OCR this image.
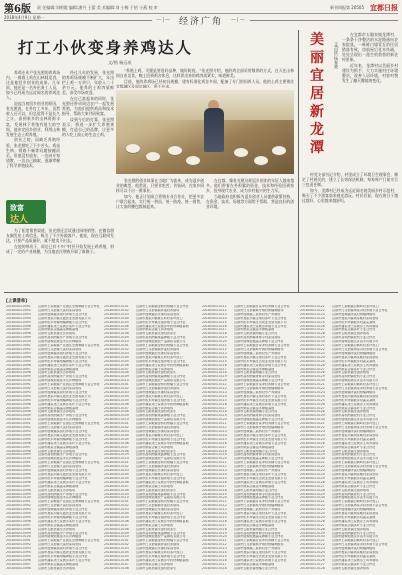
第6版 责 任编辑:刘明霞 编辑:潘丹 王蕾 美 术编辑:刘 小梅 于怡 小燕 校 审	新刊周报第 20505 宜都日报
2018年4月9日 星期一	—|— 经济广角	—|—
打工小伙变身养鸡达人
文/图 杨远泉

养鸡专业户张光照的养鸡场内，一群群土鸡在山林间觅食，这是他回乡创业的成果。几年前，他还是一名外出务工人员，如今已经成为远近闻名的养鸡达人。

说起当初回乡创业的原因，张光照说，在外打工多年，虽然收入还可以，但总觉得不是长久之计。看到家乡的山林资源丰富，发展林下养殖有很大的空间，他决定回乡创业，利用山林发展生态土鸡养殖。

创业之初，因缺乏养殖经验，张光照吃了不少苦头。鸡苗生病、销路不畅等问题接踵而至。但他没有放弃，一边向专家请教，一边自己摸索，逐渐掌握了科学养殖技术。

经过几年的发展，张光照的养鸡场规模不断扩大，年出栏土鸡一万余只，年收入二十余万元。他养的土鸡肉质鲜美，深受市场欢迎。

在自己富起来的同时，张光照还带动周边农户一起发展养殖，为他们提供鸡苗和技术指导，帮助大家共同致富。

谈到今后的打算，张光照表示，将进一步扩大养殖规模，打造自己的品牌，让更多的人吃上放心的生态土鸡。

“养殖土鸡，关键是要选好品种，做好防疫。”张光照介绍，他的鸡全部采用散养的方式，白天在山林间自由觅食，晚上回到鸡舍休息，这样养出来的鸡肉质紧实，味道鲜美。

目前，他的养鸡场已经初具规模，建有标准化鸡舍多间，配备了专门的饲养人员。他的土鸡主要销往宜都城区及周边地区，供不应求。

致富
达人

为了拓宽销售渠道，张光照还尝试通过网络销售，在微信朋友圈发布土鸡信息，吸引了不少外地客户。他说，现在互联网发达，只要产品质量好，就不愁卖不出去。

在他的带动下，周边已有十多户村民开始发展土鸡养殖，形成了一定的产业规模，为当地农民增收开辟了新路子。

张光照的创业故事在当地广为流传，成为返乡创业的典型。他常说，只要肯吃苦，肯钻研，在家乡同样可以干出一番事业。

如今，他正计划成立养殖专业合作社，把更多农户联合起来，实行统一供苗、统一防疫、统一销售，让大家的腰包都鼓起来。

在宜都，像张光照这样返乡创业的年轻人越来越多。他们带着在外积累的资金、技术和经验回到家乡，投身现代农业，成为乡村振兴的生力军。

当地政府也积极为返乡创业人员提供政策扶持，在资金、技术、场地等方面给予帮助，营造良好的创业环境。

美
丽
宜
居
新
龙
潭
文/田恬 杨春晓

在宜都市五眼泉镇龙潭村，一条条干净整洁的水泥路通向农家院落，一栋栋白墙青瓦的民居错落有致，房前屋后花木扶疏，处处呈现出一派生机勃勃的新农村景象。

近年来，龙潭村以美丽乡村建设为抓手，大力实施村庄环境整治，改善人居环境，村容村貌发生了翻天覆地的变化。

村党支部书记介绍，村里成立了环境卫生理事会，制定了村规民约，建立了长效保洁机制，每家每户门前实行三包责任制。

如今，龙潭村已经成为远近闻名的美丽乡村示范村，吸引了不少游客前来观光游玩。村民们说，现在的日子越过越好，心里越来越舒坦。

[上课清单]
20180403-0091 宜都市王家畈镇产业园区宏源种植专业合作社
20180403-0092 宜都市红花套镇大溪村家庭农场
20180403-0093 宜都市枝城镇茶园村养殖专业合作社
20180403-0094 宜都市聂家河镇花鼓农业发展有限公司
20180403-0095 宜都市松木坪镇柑橘种植专业合作社
20180403-0096 宜都市潘家湾土家族乡茶叶专业合作社
20180403-0097 宜都市姚家店镇蔬菜种植基地
20180403-0098 宜都市五眼泉镇生态养殖场
20180403-0099 宜都市高坝洲镇水产养殖专业合作社
20180403-0100 宜都市陆城街道苗木花卉种植场
20180403-0091 宜都市王家畈镇产业园区宏源种植专业合作社
20180403-0092 宜都市红花套镇大溪村家庭农场
20180403-0093 宜都市枝城镇茶园村养殖专业合作社
20180403-0094 宜都市聂家河镇花鼓农业发展有限公司
20180403-0095 宜都市松木坪镇柑橘种植专业合作社
20180403-0096 宜都市潘家湾土家族乡茶叶专业合作社
20180403-0097 宜都市姚家店镇蔬菜种植基地
20180403-0098 宜都市五眼泉镇生态养殖场
20180403-0099 宜都市高坝洲镇水产养殖专业合作社
20180403-0100 宜都市陆城街道苗木花卉种植场
20180403-0091 宜都市王家畈镇产业园区宏源种植专业合作社
20180403-0092 宜都市红花套镇大溪村家庭农场
20180403-0093 宜都市枝城镇茶园村养殖专业合作社
20180403-0094 宜都市聂家河镇花鼓农业发展有限公司
20180403-0095 宜都市松木坪镇柑橘种植专业合作社
20180403-0096 宜都市潘家湾土家族乡茶叶专业合作社
20180403-0097 宜都市姚家店镇蔬菜种植基地
20180403-0098 宜都市五眼泉镇生态养殖场
20180403-0099 宜都市高坝洲镇水产养殖专业合作社
20180403-0100 宜都市陆城街道苗木花卉种植场
20180403-0091 宜都市王家畈镇产业园区宏源种植专业合作社
20180403-0092 宜都市红花套镇大溪村家庭农场
20180403-0093 宜都市枝城镇茶园村养殖专业合作社
20180403-0094 宜都市聂家河镇花鼓农业发展有限公司
20180403-0095 宜都市松木坪镇柑橘种植专业合作社
20180403-0096 宜都市潘家湾土家族乡茶叶专业合作社
20180403-0097 宜都市姚家店镇蔬菜种植基地
20180403-0098 宜都市五眼泉镇生态养殖场
20180403-0099 宜都市高坝洲镇水产养殖专业合作社
20180403-0100 宜都市陆城街道苗木花卉种植场
20180403-0091 宜都市王家畈镇产业园区宏源种植专业合作社
20180403-0092 宜都市红花套镇大溪村家庭农场
20180403-0093 宜都市枝城镇茶园村养殖专业合作社
20180403-0094 宜都市聂家河镇花鼓农业发展有限公司
20180403-0095 宜都市松木坪镇柑橘种植专业合作社
20180403-0096 宜都市潘家湾土家族乡茶叶专业合作社
20180403-0097 宜都市姚家店镇蔬菜种植基地
20180403-0098 宜都市五眼泉镇生态养殖场
20180403-0099 宜都市高坝洲镇水产养殖专业合作社
20180403-0100 宜都市陆城街道苗木花卉种植场
20180403-0091 宜都市王家畈镇产业园区宏源种植专业合作社
20180403-0092 宜都市红花套镇大溪村家庭农场
20180403-0093 宜都市枝城镇茶园村养殖专业合作社
20180403-0094 宜都市聂家河镇花鼓农业发展有限公司
20180403-0095 宜都市松木坪镇柑橘种植专业合作社
20180403-0096 宜都市潘家湾土家族乡茶叶专业合作社
20180403-0097 宜都市姚家店镇蔬菜种植基地
20180403-0098 宜都市五眼泉镇生态养殖场
20180403-0099 宜都市高坝洲镇水产养殖专业合作社
20180403-0100 宜都市陆城街道苗木花卉种植场
20180403-0091 宜都市王家畈镇产业园区宏源种植专业合作社
20180403-0092 宜都市红花套镇大溪村家庭农场
20180403-0093 宜都市枝城镇茶园村养殖专业合作社
20180403-0094 宜都市聂家河镇花鼓农业发展有限公司
20180403-0095 宜都市松木坪镇柑橘种植专业合作社
20180403-0096 宜都市潘家湾土家族乡茶叶专业合作社
20180403-0097 宜都市姚家店镇蔬菜种植基地
20180403-0098 宜都市五眼泉镇生态养殖场
20180403-0101 宜都市王家畈镇金桥村柑橘专业合作社
20180403-0102 宜都市红花套镇渔洋溪村养猪场
20180403-0103 宜都市枝城镇白水港村家庭农场
20180403-0104 宜都市聂家河镇桃花岭村茶叶加工厂
20180403-0105 宜都市松木坪镇生猪养殖专业合作社
20180403-0106 宜都市潘家湾土家族乡中药材种植基地
20180403-0107 宜都市姚家店镇土鸡养殖场
20180403-0108 宜都市五眼泉镇龙潭村农家乐
20180403-0109 宜都市高坝洲镇果蔬种植专业合作社
20180403-0110 宜都市陆城街道农产品销售有限公司
20180403-0101 宜都市王家畈镇金桥村柑橘专业合作社
20180403-0102 宜都市红花套镇渔洋溪村养猪场
20180403-0103 宜都市枝城镇白水港村家庭农场
20180403-0104 宜都市聂家河镇桃花岭村茶叶加工厂
20180403-0105 宜都市松木坪镇生猪养殖专业合作社
20180403-0106 宜都市潘家湾土家族乡中药材种植基地
20180403-0107 宜都市姚家店镇土鸡养殖场
20180403-0108 宜都市五眼泉镇龙潭村农家乐
20180403-0109 宜都市高坝洲镇果蔬种植专业合作社
20180403-0110 宜都市陆城街道农产品销售有限公司
20180403-0101 宜都市王家畈镇金桥村柑橘专业合作社
20180403-0102 宜都市红花套镇渔洋溪村养猪场
20180403-0103 宜都市枝城镇白水港村家庭农场
20180403-0104 宜都市聂家河镇桃花岭村茶叶加工厂
20180403-0105 宜都市松木坪镇生猪养殖专业合作社
20180403-0106 宜都市潘家湾土家族乡中药材种植基地
20180403-0107 宜都市姚家店镇土鸡养殖场
20180403-0108 宜都市五眼泉镇龙潭村农家乐
20180403-0109 宜都市高坝洲镇果蔬种植专业合作社
20180403-0110 宜都市陆城街道农产品销售有限公司
20180403-0101 宜都市王家畈镇金桥村柑橘专业合作社
20180403-0102 宜都市红花套镇渔洋溪村养猪场
20180403-0103 宜都市枝城镇白水港村家庭农场
20180403-0104 宜都市聂家河镇桃花岭村茶叶加工厂
20180403-0105 宜都市松木坪镇生猪养殖专业合作社
20180403-0106 宜都市潘家湾土家族乡中药材种植基地
20180403-0107 宜都市姚家店镇土鸡养殖场
20180403-0108 宜都市五眼泉镇龙潭村农家乐
20180403-0109 宜都市高坝洲镇果蔬种植专业合作社
20180403-0110 宜都市陆城街道农产品销售有限公司
20180403-0101 宜都市王家畈镇金桥村柑橘专业合作社
20180403-0102 宜都市红花套镇渔洋溪村养猪场
20180403-0103 宜都市枝城镇白水港村家庭农场
20180403-0104 宜都市聂家河镇桃花岭村茶叶加工厂
20180403-0105 宜都市松木坪镇生猪养殖专业合作社
20180403-0106 宜都市潘家湾土家族乡中药材种植基地
20180403-0107 宜都市姚家店镇土鸡养殖场
20180403-0108 宜都市五眼泉镇龙潭村农家乐
20180403-0109 宜都市高坝洲镇果蔬种植专业合作社
20180403-0110 宜都市陆城街道农产品销售有限公司
20180403-0101 宜都市王家畈镇金桥村柑橘专业合作社
20180403-0102 宜都市红花套镇渔洋溪村养猪场
20180403-0103 宜都市枝城镇白水港村家庭农场
20180403-0104 宜都市聂家河镇桃花岭村茶叶加工厂
20180403-0105 宜都市松木坪镇生猪养殖专业合作社
20180403-0106 宜都市潘家湾土家族乡中药材种植基地
20180403-0107 宜都市姚家店镇土鸡养殖场
20180403-0108 宜都市五眼泉镇龙潭村农家乐
20180403-0109 宜都市高坝洲镇果蔬种植专业合作社
20180403-0110 宜都市陆城街道农产品销售有限公司
20180403-0101 宜都市王家畈镇金桥村柑橘专业合作社
20180403-0102 宜都市红花套镇渔洋溪村养猪场
20180403-0103 宜都市枝城镇白水港村家庭农场
20180403-0104 宜都市聂家河镇桃花岭村茶叶加工厂
20180403-0105 宜都市松木坪镇生猪养殖专业合作社
20180403-0106 宜都市潘家湾土家族乡中药材种植基地
20180403-0107 宜都市姚家店镇土鸡养殖场
20180403-0108 宜都市五眼泉镇龙潭村农家乐
20180403-0111 宜都市王家畈镇甘家冲村养蜂专业合作社
20180403-0112 宜都市红花套镇杨守敬村柑橘种植场
20180403-0113 宜都市枝城镇三板桥村水产养殖场
20180403-0114 宜都市聂家河镇宝塔村茶叶专业合作社
20180403-0115 宜都市松木坪镇生态农业发展有限公司
20180403-0116 宜都市潘家湾土家族乡养殖专业合作社
20180403-0117 宜都市姚家店镇苗木种植基地
20180403-0118 宜都市五眼泉镇柑橘专业合作社
20180403-0119 宜都市高坝洲镇青林寺村家庭农场
20180403-0120 宜都市陆城街道蔬菜种植专业合作社
20180403-0111 宜都市王家畈镇甘家冲村养蜂专业合作社
20180403-0112 宜都市红花套镇杨守敬村柑橘种植场
20180403-0113 宜都市枝城镇三板桥村水产养殖场
20180403-0114 宜都市聂家河镇宝塔村茶叶专业合作社
20180403-0115 宜都市松木坪镇生态农业发展有限公司
20180403-0116 宜都市潘家湾土家族乡养殖专业合作社
20180403-0117 宜都市姚家店镇苗木种植基地
20180403-0118 宜都市五眼泉镇柑橘专业合作社
20180403-0119 宜都市高坝洲镇青林寺村家庭农场
20180403-0120 宜都市陆城街道蔬菜种植专业合作社
20180403-0111 宜都市王家畈镇甘家冲村养蜂专业合作社
20180403-0112 宜都市红花套镇杨守敬村柑橘种植场
20180403-0113 宜都市枝城镇三板桥村水产养殖场
20180403-0114 宜都市聂家河镇宝塔村茶叶专业合作社
20180403-0115 宜都市松木坪镇生态农业发展有限公司
20180403-0116 宜都市潘家湾土家族乡养殖专业合作社
20180403-0117 宜都市姚家店镇苗木种植基地
20180403-0118 宜都市五眼泉镇柑橘专业合作社
20180403-0119 宜都市高坝洲镇青林寺村家庭农场
20180403-0120 宜都市陆城街道蔬菜种植专业合作社
20180403-0111 宜都市王家畈镇甘家冲村养蜂专业合作社
20180403-0112 宜都市红花套镇杨守敬村柑橘种植场
20180403-0113 宜都市枝城镇三板桥村水产养殖场
20180403-0114 宜都市聂家河镇宝塔村茶叶专业合作社
20180403-0115 宜都市松木坪镇生态农业发展有限公司
20180403-0116 宜都市潘家湾土家族乡养殖专业合作社
20180403-0117 宜都市姚家店镇苗木种植基地
20180403-0118 宜都市五眼泉镇柑橘专业合作社
20180403-0119 宜都市高坝洲镇青林寺村家庭农场
20180403-0120 宜都市陆城街道蔬菜种植专业合作社
20180403-0111 宜都市王家畈镇甘家冲村养蜂专业合作社
20180403-0112 宜都市红花套镇杨守敬村柑橘种植场
20180403-0113 宜都市枝城镇三板桥村水产养殖场
20180403-0114 宜都市聂家河镇宝塔村茶叶专业合作社
20180403-0115 宜都市松木坪镇生态农业发展有限公司
20180403-0116 宜都市潘家湾土家族乡养殖专业合作社
20180403-0117 宜都市姚家店镇苗木种植基地
20180403-0118 宜都市五眼泉镇柑橘专业合作社
20180403-0119 宜都市高坝洲镇青林寺村家庭农场
20180403-0120 宜都市陆城街道蔬菜种植专业合作社
20180403-0111 宜都市王家畈镇甘家冲村养蜂专业合作社
20180403-0112 宜都市红花套镇杨守敬村柑橘种植场
20180403-0113 宜都市枝城镇三板桥村水产养殖场
20180403-0114 宜都市聂家河镇宝塔村茶叶专业合作社
20180403-0115 宜都市松木坪镇生态农业发展有限公司
20180403-0116 宜都市潘家湾土家族乡养殖专业合作社
20180403-0117 宜都市姚家店镇苗木种植基地
20180403-0118 宜都市五眼泉镇柑橘专业合作社
20180403-0119 宜都市高坝洲镇青林寺村家庭农场
20180403-0120 宜都市陆城街道蔬菜种植专业合作社
20180403-0111 宜都市王家畈镇甘家冲村养蜂专业合作社
20180403-0112 宜都市红花套镇杨守敬村柑橘种植场
20180403-0113 宜都市枝城镇三板桥村水产养殖场
20180403-0114 宜都市聂家河镇宝塔村茶叶专业合作社
20180403-0115 宜都市松木坪镇生态农业发展有限公司
20180403-0116 宜都市潘家湾土家族乡养殖专业合作社
20180403-0117 宜都市姚家店镇苗木种植基地
20180403-0118 宜都市五眼泉镇柑橘专业合作社
20180403-0121 宜都市王家畈镇白鹤岭村茶叶加工厂
20180403-0122 宜都市红花套镇周家河村养殖专业合作社
20180403-0123 宜都市枝城镇洋溪村柑橘种植场
20180403-0124 宜都市聂家河镇周家畈村家庭农场
20180403-0125 宜都市松木坪镇猇亭村蔬菜基地
20180403-0126 宜都市潘家湾土家族乡土鸡养殖场
20180403-0127 宜都市姚家店镇茶叶专业合作社
20180403-0128 宜都市五眼泉镇生猪养殖场
20180403-0129 宜都市高坝洲镇农机专业合作社
20180403-0130 宜都市陆城街道花卉苗木有限公司
20180403-0121 宜都市王家畈镇白鹤岭村茶叶加工厂
20180403-0122 宜都市红花套镇周家河村养殖专业合作社
20180403-0123 宜都市枝城镇洋溪村柑橘种植场
20180403-0124 宜都市聂家河镇周家畈村家庭农场
20180403-0125 宜都市松木坪镇猇亭村蔬菜基地
20180403-0126 宜都市潘家湾土家族乡土鸡养殖场
20180403-0127 宜都市姚家店镇茶叶专业合作社
20180403-0128 宜都市五眼泉镇生猪养殖场
20180403-0129 宜都市高坝洲镇农机专业合作社
20180403-0130 宜都市陆城街道花卉苗木有限公司
20180403-0121 宜都市王家畈镇白鹤岭村茶叶加工厂
20180403-0122 宜都市红花套镇周家河村养殖专业合作社
20180403-0123 宜都市枝城镇洋溪村柑橘种植场
20180403-0124 宜都市聂家河镇周家畈村家庭农场
20180403-0125 宜都市松木坪镇猇亭村蔬菜基地
20180403-0126 宜都市潘家湾土家族乡土鸡养殖场
20180403-0127 宜都市姚家店镇茶叶专业合作社
20180403-0128 宜都市五眼泉镇生猪养殖场
20180403-0129 宜都市高坝洲镇农机专业合作社
20180403-0130 宜都市陆城街道花卉苗木有限公司
20180403-0121 宜都市王家畈镇白鹤岭村茶叶加工厂
20180403-0122 宜都市红花套镇周家河村养殖专业合作社
20180403-0123 宜都市枝城镇洋溪村柑橘种植场
20180403-0124 宜都市聂家河镇周家畈村家庭农场
20180403-0125 宜都市松木坪镇猇亭村蔬菜基地
20180403-0126 宜都市潘家湾土家族乡土鸡养殖场
20180403-0127 宜都市姚家店镇茶叶专业合作社
20180403-0128 宜都市五眼泉镇生猪养殖场
20180403-0129 宜都市高坝洲镇农机专业合作社
20180403-0130 宜都市陆城街道花卉苗木有限公司
20180403-0121 宜都市王家畈镇白鹤岭村茶叶加工厂
20180403-0122 宜都市红花套镇周家河村养殖专业合作社
20180403-0123 宜都市枝城镇洋溪村柑橘种植场
20180403-0124 宜都市聂家河镇周家畈村家庭农场
20180403-0125 宜都市松木坪镇猇亭村蔬菜基地
20180403-0126 宜都市潘家湾土家族乡土鸡养殖场
20180403-0127 宜都市姚家店镇茶叶专业合作社
20180403-0128 宜都市五眼泉镇生猪养殖场
20180403-0129 宜都市高坝洲镇农机专业合作社
20180403-0130 宜都市陆城街道花卉苗木有限公司
20180403-0121 宜都市王家畈镇白鹤岭村茶叶加工厂
20180403-0122 宜都市红花套镇周家河村养殖专业合作社
20180403-0123 宜都市枝城镇洋溪村柑橘种植场
20180403-0124 宜都市聂家河镇周家畈村家庭农场
20180403-0125 宜都市松木坪镇猇亭村蔬菜基地
20180403-0126 宜都市潘家湾土家族乡土鸡养殖场
20180403-0127 宜都市姚家店镇茶叶专业合作社
20180403-0128 宜都市五眼泉镇生猪养殖场
20180403-0129 宜都市高坝洲镇农机专业合作社
20180403-0130 宜都市陆城街道花卉苗木有限公司
20180403-0121 宜都市王家畈镇白鹤岭村茶叶加工厂
20180403-0122 宜都市红花套镇周家河村养殖专业合作社
20180403-0123 宜都市枝城镇洋溪村柑橘种植场
20180403-0124 宜都市聂家河镇周家畈村家庭农场
20180403-0125 宜都市松木坪镇猇亭村蔬菜基地
20180403-0126 宜都市潘家湾土家族乡土鸡养殖场
20180403-0127 宜都市姚家店镇茶叶专业合作社
20180403-0128 宜都市五眼泉镇生猪养殖场
